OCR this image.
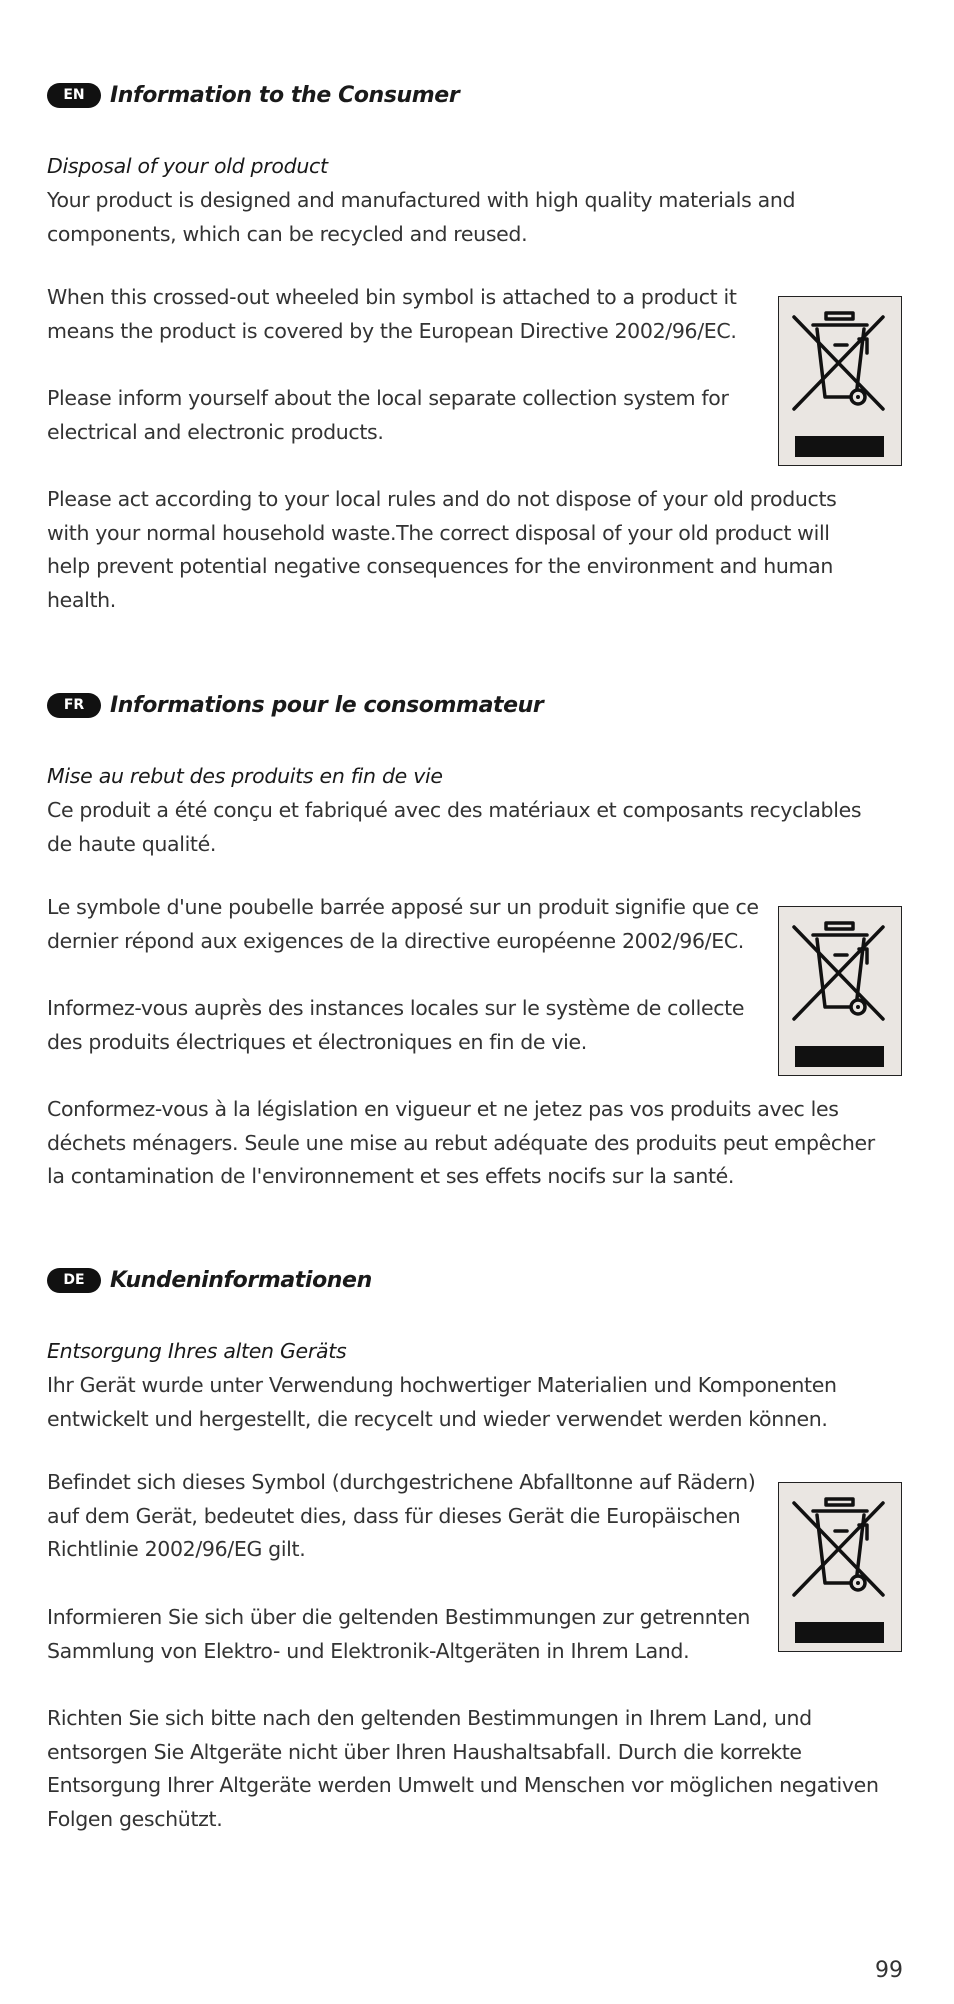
EN	Information to the Consumer
Disposal of your old product

Your product is designed and manufactured with high quality materials and
components, which can be recycled and reused.

When this crossed-out wheeled bin symbol is attached to a product it
means the product is covered by the European Directive 2002/96/EC.

Please inform yourself about the local separate collection system for
electrical and electronic products.

Please act according to your local rules and do not dispose of your old products
with your normal household waste.The correct disposal of your old product will
help prevent potential negative consequences for the environment and human
health.

FR	Informations pour le consommateur
Mise au rebut des produits en fin de vie

Ce produit a été conçu et fabriqué avec des matériaux et composants recyclables
de haute qualité.

Le symbole d'une poubelle barrée apposé sur un produit signifie que ce
dernier répond aux exigences de la directive européenne 2002/96/EC.

Informez-vous auprès des instances locales sur le système de collecte
des produits électriques et électroniques en fin de vie.

Conformez-vous à la législation en vigueur et ne jetez pas vos produits avec les
déchets ménagers. Seule une mise au rebut adéquate des produits peut empêcher
la contamination de l'environnement et ses effets nocifs sur la santé.

DE	Kundeninformationen
Entsorgung Ihres alten Geräts

Ihr Gerät wurde unter Verwendung hochwertiger Materialien und Komponenten
entwickelt und hergestellt, die recycelt und wieder verwendet werden können.

Befindet sich dieses Symbol (durchgestrichene Abfalltonne auf Rädern)
auf dem Gerät, bedeutet dies, dass für dieses Gerät die Europäischen
Richtlinie 2002/96/EG gilt.

Informieren Sie sich über die geltenden Bestimmungen zur getrennten
Sammlung von Elektro- und Elektronik-Altgeräten in Ihrem Land.

Richten Sie sich bitte nach den geltenden Bestimmungen in Ihrem Land, und
entsorgen Sie Altgeräte nicht über Ihren Haushaltsabfall. Durch die korrekte
Entsorgung Ihrer Altgeräte werden Umwelt und Menschen vor möglichen negativen
Folgen geschützt.

99
